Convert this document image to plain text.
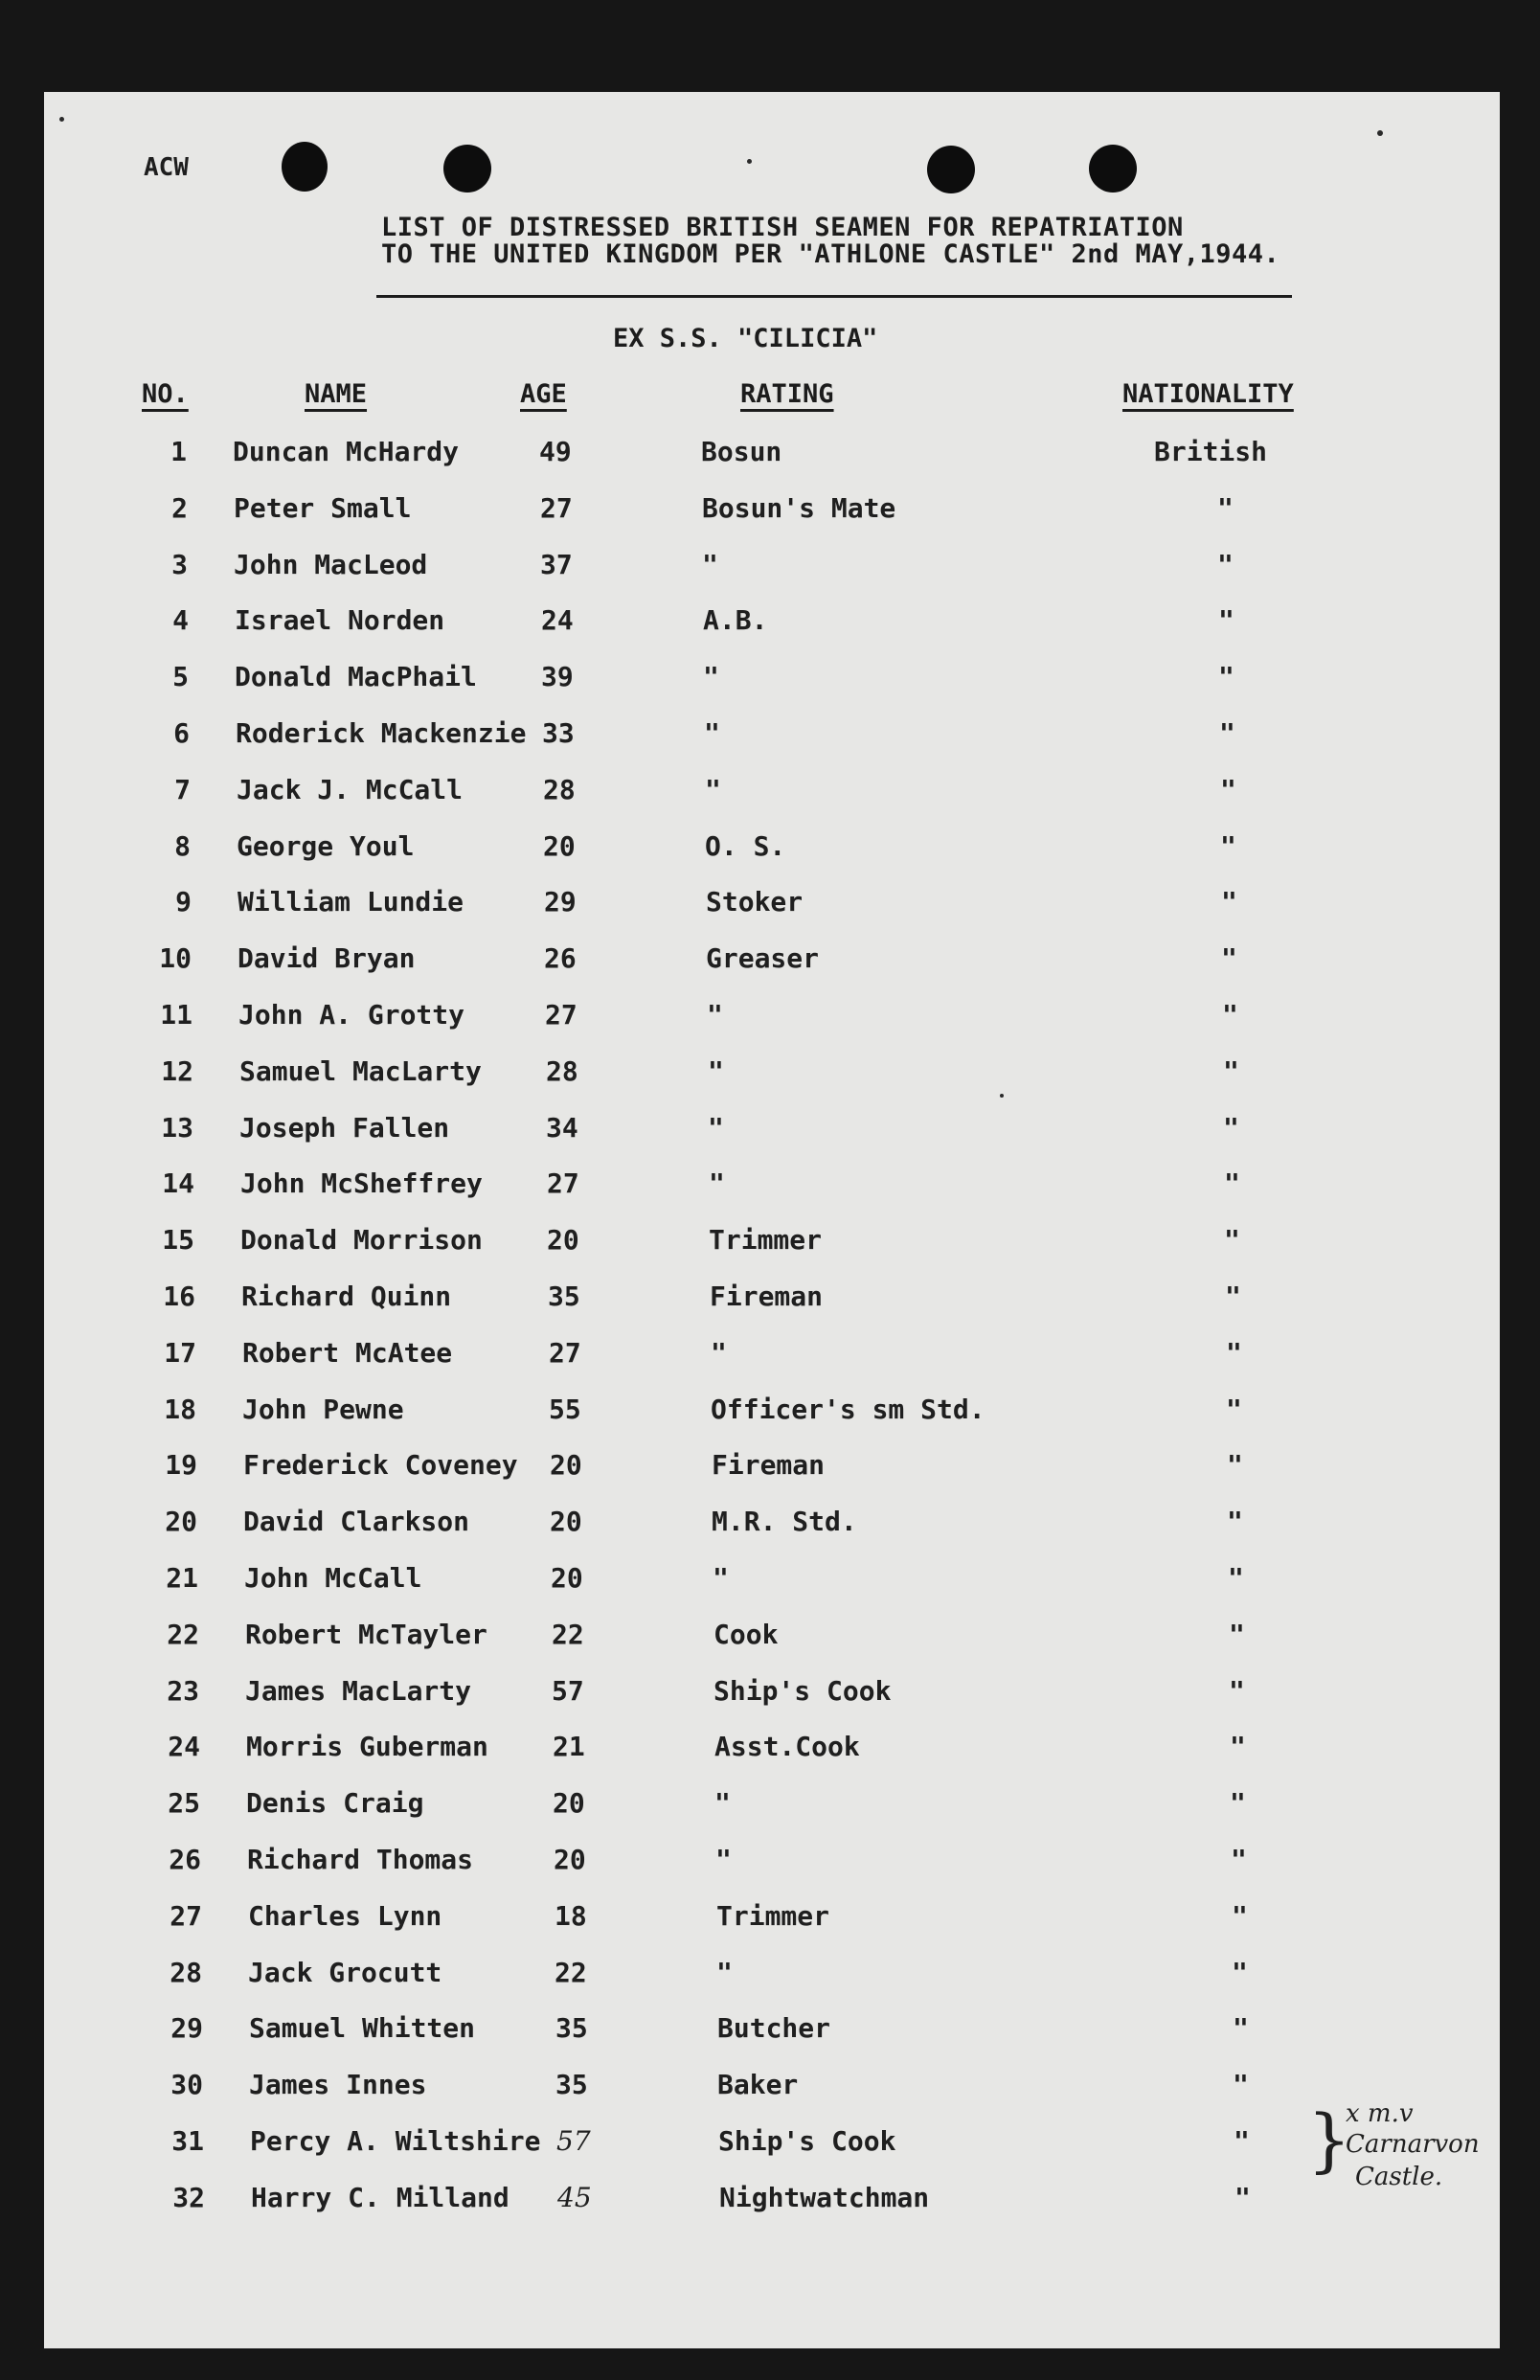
ACW
LIST OF DISTRESSED BRITISH SEAMEN FOR REPATRIATION
TO THE UNITED KINGDOM PER "ATHLONE CASTLE" 2nd MAY,1944.
EX S.S. "CILICIA"
NO.	NAME	AGE	RATING	NATIONALITY
1 Duncan McHardy	49	Bosun	British
2 Peter Small	27	Bosun's Mate	"
3 John MacLeod	37	"	"
4 Israel Norden	24	A.B.	"
5 Donald MacPhail 39	"	"
6 Roderick Mackenzie 33	"	"
7 Jack J. McCall	28	"	"
8 George Youl	20	O. S.	"
9 William Lundie	29	Stoker	"
10 David Bryan	26	Greaser	"
11 John A. Grotty	27	"	"
12 Samuel MacLarty 28	"	"
13 Joseph Fallen	34	"	"
14 John McSheffrey 27	"	"
15 Donald Morrison 20	Trimmer	"
16 Richard Quinn	35	Fireman	"
17 Robert McAtee	27	"	"
18 John Pewne	55	Officer's sm Std.	"
19 Frederick Coveney 20	Fireman	"
20 David Clarkson	20	M.R. Std.	"
21 John McCall	20	"	"
22 Robert McTayler 22	Cook	"
23 James MacLarty	57	Ship's Cook	"
24 Morris Guberman 21	Asst.Cook	"
25 Denis Craig	20	"	"
26 Richard Thomas	20	"	"
27 Charles Lynn	18	Trimmer	"
28 Jack Grocutt	22	"	"
29 Samuel Whitten	35	Butcher	"
30 James Innes	35	Baker	"
31 Percy A. Wiltshire 57	Ship's Cook	"
32 Harry C. Milland 45	Nightwatchman	"
}
x m.v
Carnarvon
Castle.
